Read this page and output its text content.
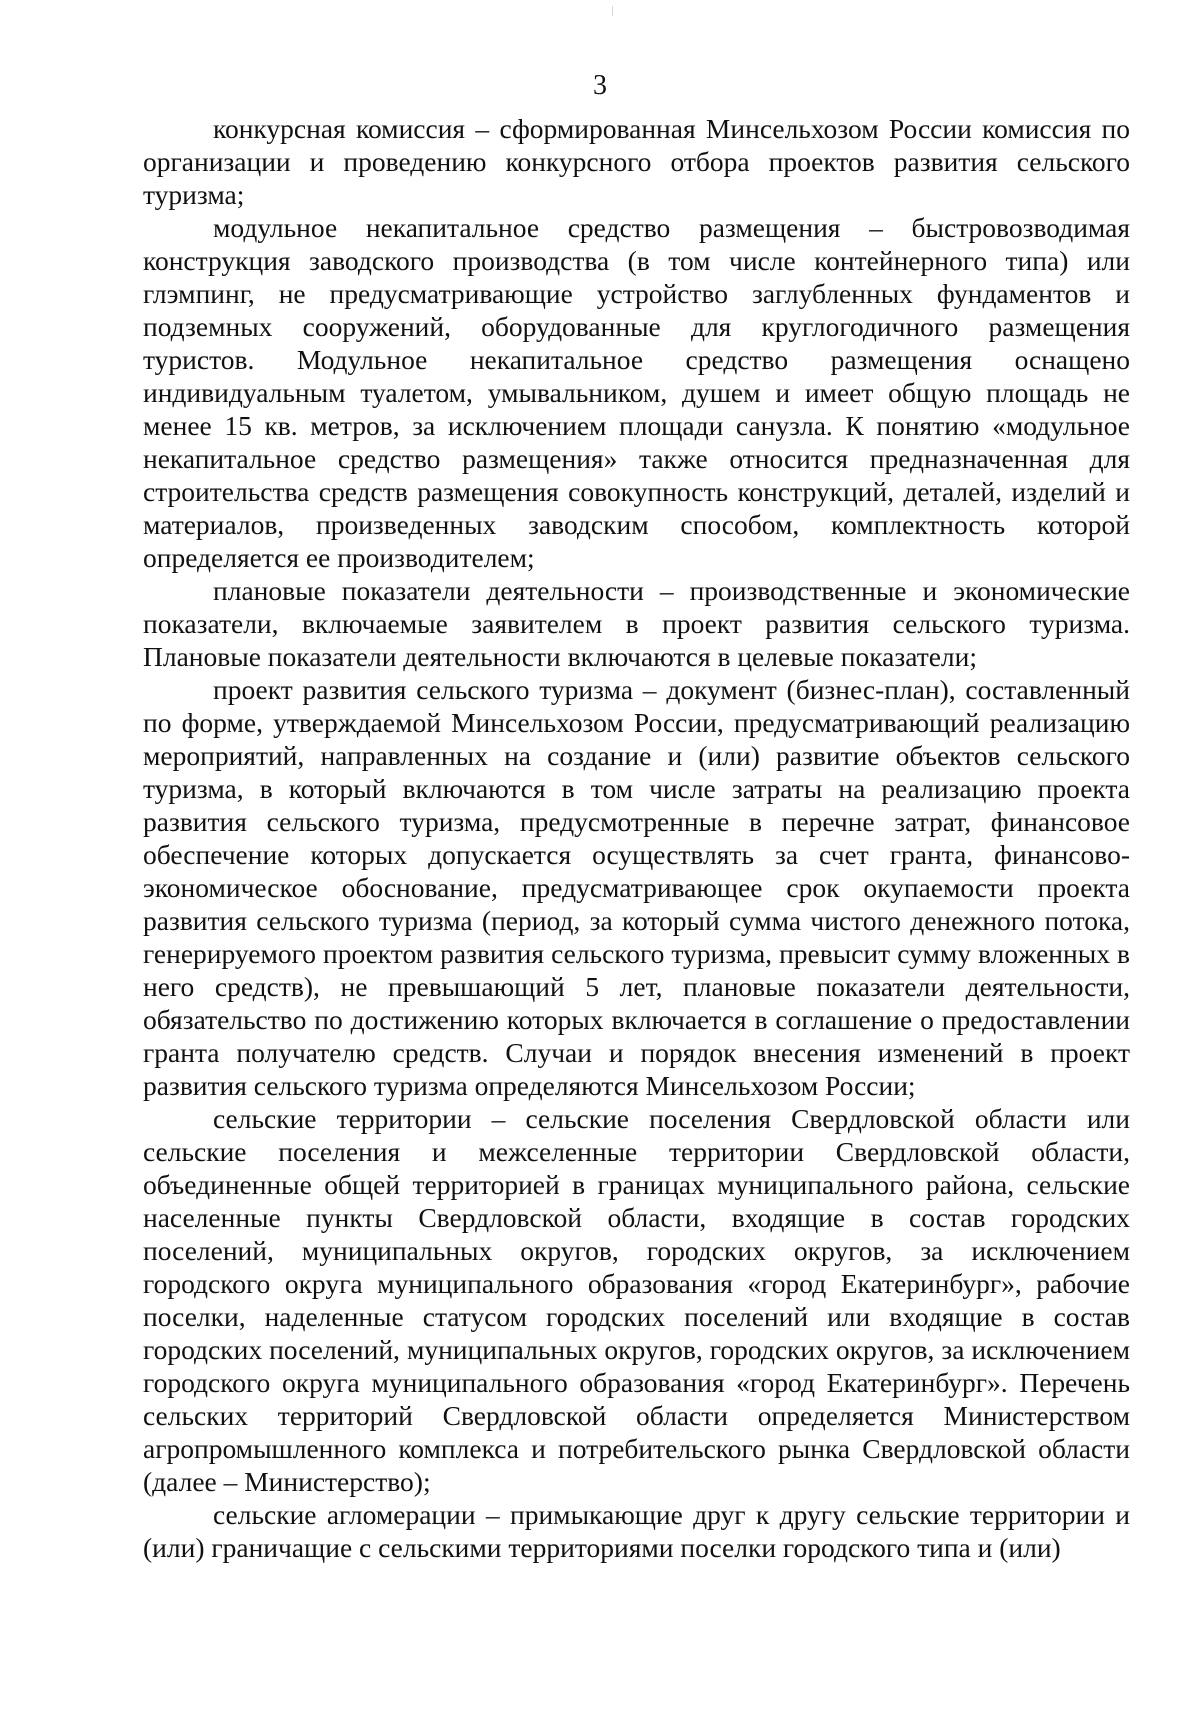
3

конкурсная комиссия – сформированная Минсельхозом России комиссия по организации и проведению конкурсного отбора проектов развития сельского туризма;

модульное некапитальное средство размещения – быстровозводимая конструкция заводского производства (в том числе контейнерного типа) или глэмпинг, не предусматривающие устройство заглубленных фундаментов и подземных сооружений, оборудованные для круглогодичного размещения туристов. Модульное некапитальное средство размещения оснащено индивидуальным туалетом, умывальником, душем и имеет общую площадь не менее 15 кв. метров, за исключением площади санузла. К понятию «модульное некапитальное средство размещения» также относится предназначенная для строительства средств размещения совокупность конструкций, деталей, изделий и материалов, произведенных заводским способом, комплектность которой определяется ее производителем;

плановые показатели деятельности – производственные и экономические показатели, включаемые заявителем в проект развития сельского туризма. Плановые показатели деятельности включаются в целевые показатели;

проект развития сельского туризма – документ (бизнес-план), составленный по форме, утверждаемой Минсельхозом России, предусматривающий реализацию мероприятий, направленных на создание и (или) развитие объектов сельского туризма, в который включаются в том числе затраты на реализацию проекта развития сельского туризма, предусмотренные в перечне затрат, финансовое обеспечение которых допускается осуществлять за счет гранта, финансово-экономическое обоснование, предусматривающее срок окупаемости проекта развития сельского туризма (период, за который сумма чистого денежного потока, генерируемого проектом развития сельского туризма, превысит сумму вложенных в него средств), не превышающий 5 лет, плановые показатели деятельности, обязательство по достижению которых включается в соглашение о предоставлении гранта получателю средств. Случаи и порядок внесения изменений в проект развития сельского туризма определяются Минсельхозом России;

сельские территории – сельские поселения Свердловской области или сельские поселения и межселенные территории Свердловской области, объединенные общей территорией в границах муниципального района, сельские населенные пункты Свердловской области, входящие в состав городских поселений, муниципальных округов, городских округов, за исключением городского округа муниципального образования «город Екатеринбург», рабочие поселки, наделенные статусом городских поселений или входящие в состав городских поселений, муниципальных округов, городских округов, за исключением городского округа муниципального образования «город Екатеринбург». Перечень сельских территорий Свердловской области определяется Министерством агропромышленного комплекса и потребительского рынка Свердловской области (далее – Министерство);

сельские агломерации – примыкающие друг к другу сельские территории и (или) граничащие с сельскими территориями поселки городского типа и (или)
